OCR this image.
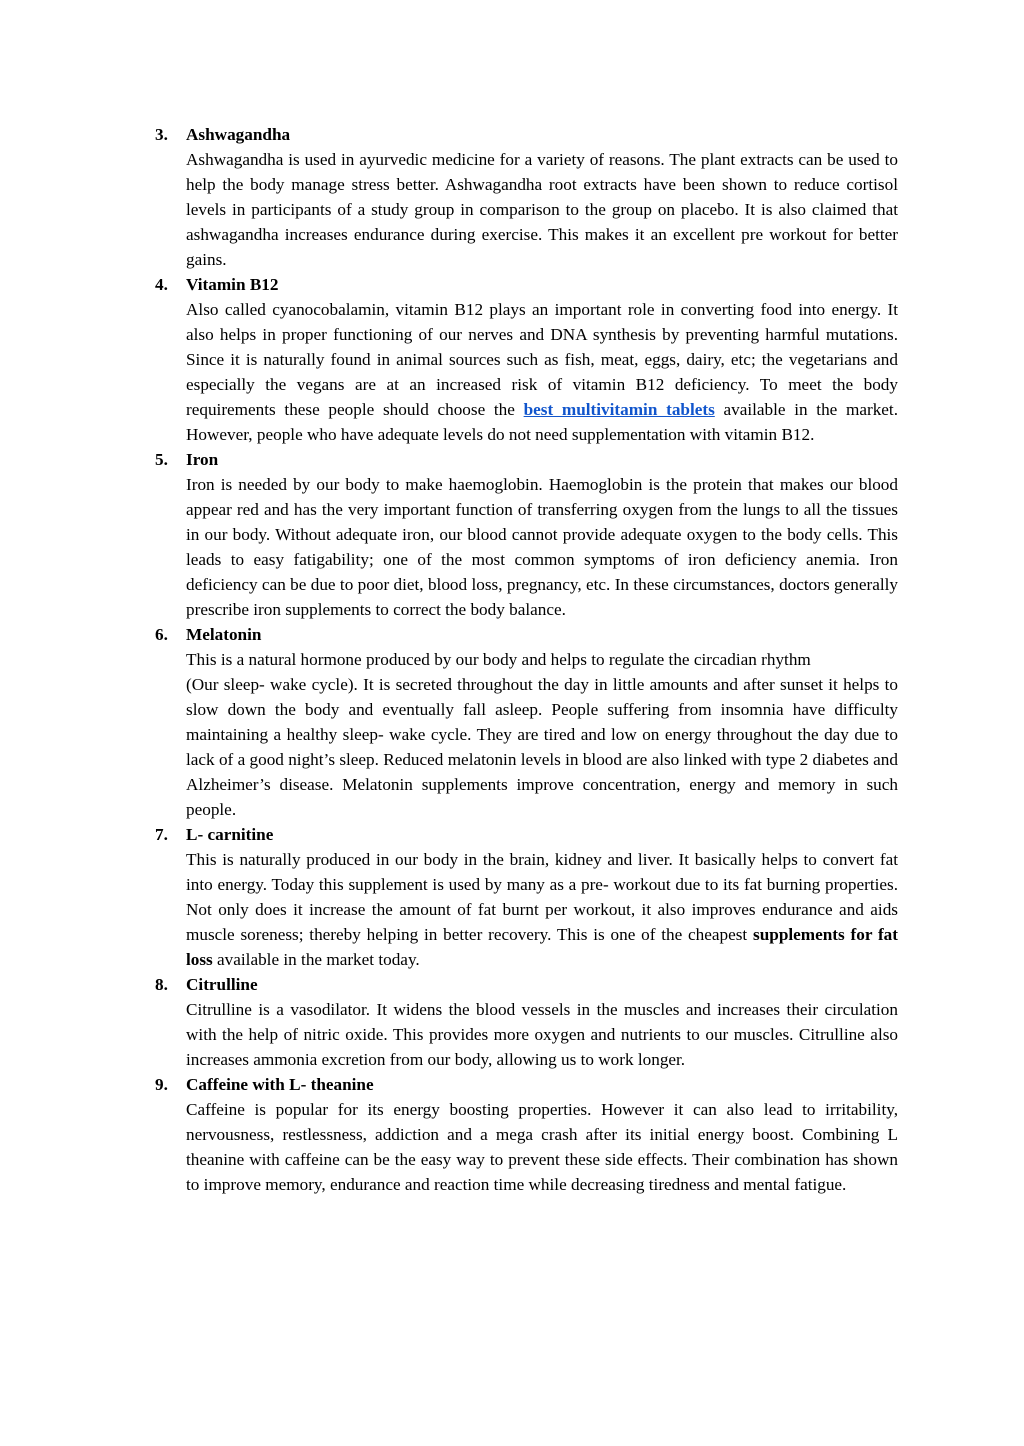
3.	Ashwagandha
Ashwagandha is used in ayurvedic medicine for a variety of reasons. The plant extracts can be used to help the body manage stress better. Ashwagandha root extracts have been shown to reduce cortisol levels in participants of a study group in comparison to the group on placebo. It is also claimed that ashwagandha increases endurance during exercise. This makes it an excellent pre workout for better gains.
4.	Vitamin B12
Also called cyanocobalamin, vitamin B12 plays an important role in converting food into energy. It also helps in proper functioning of our nerves and DNA synthesis by preventing harmful mutations. Since it is naturally found in animal sources such as fish, meat, eggs, dairy, etc; the vegetarians and especially the vegans are at an increased risk of vitamin B12 deficiency. To meet the body requirements these people should choose the best multivitamin tablets available in the market. However, people who have adequate levels do not need supplementation with vitamin B12.
5.	Iron
Iron is needed by our body to make haemoglobin. Haemoglobin is the protein that makes our blood appear red and has the very important function of transferring oxygen from the lungs to all the tissues in our body. Without adequate iron, our blood cannot provide adequate oxygen to the body cells. This leads to easy fatigability; one of the most common symptoms of iron deficiency anemia. Iron deficiency can be due to poor diet, blood loss, pregnancy, etc. In these circumstances, doctors generally prescribe iron supplements to correct the body balance.
6.	Melatonin
This is a natural hormone produced by our body and helps to regulate the circadian rhythm
(Our sleep- wake cycle). It is secreted throughout the day in little amounts and after sunset it helps to slow down the body and eventually fall asleep. People suffering from insomnia have difficulty maintaining a healthy sleep- wake cycle. They are tired and low on energy throughout the day due to lack of a good night’s sleep. Reduced melatonin levels in blood are also linked with type 2 diabetes and Alzheimer’s disease. Melatonin supplements improve concentration, energy and memory in such people.
7.	L- carnitine
This is naturally produced in our body in the brain, kidney and liver. It basically helps to convert fat into energy. Today this supplement is used by many as a pre- workout due to its fat burning properties. Not only does it increase the amount of fat burnt per workout, it also improves endurance and aids muscle soreness; thereby helping in better recovery. This is one of the cheapest supplements for fat loss available in the market today.
8.	Citrulline
Citrulline is a vasodilator. It widens the blood vessels in the muscles and increases their circulation with the help of nitric oxide. This provides more oxygen and nutrients to our muscles. Citrulline also increases ammonia excretion from our body, allowing us to work longer.
9.	Caffeine with L- theanine
Caffeine is popular for its energy boosting properties. However it can also lead to irritability, nervousness, restlessness, addiction and a mega crash after its initial energy boost. Combining L theanine with caffeine can be the easy way to prevent these side effects. Their combination has shown to improve memory, endurance and reaction time while decreasing tiredness and mental fatigue.
